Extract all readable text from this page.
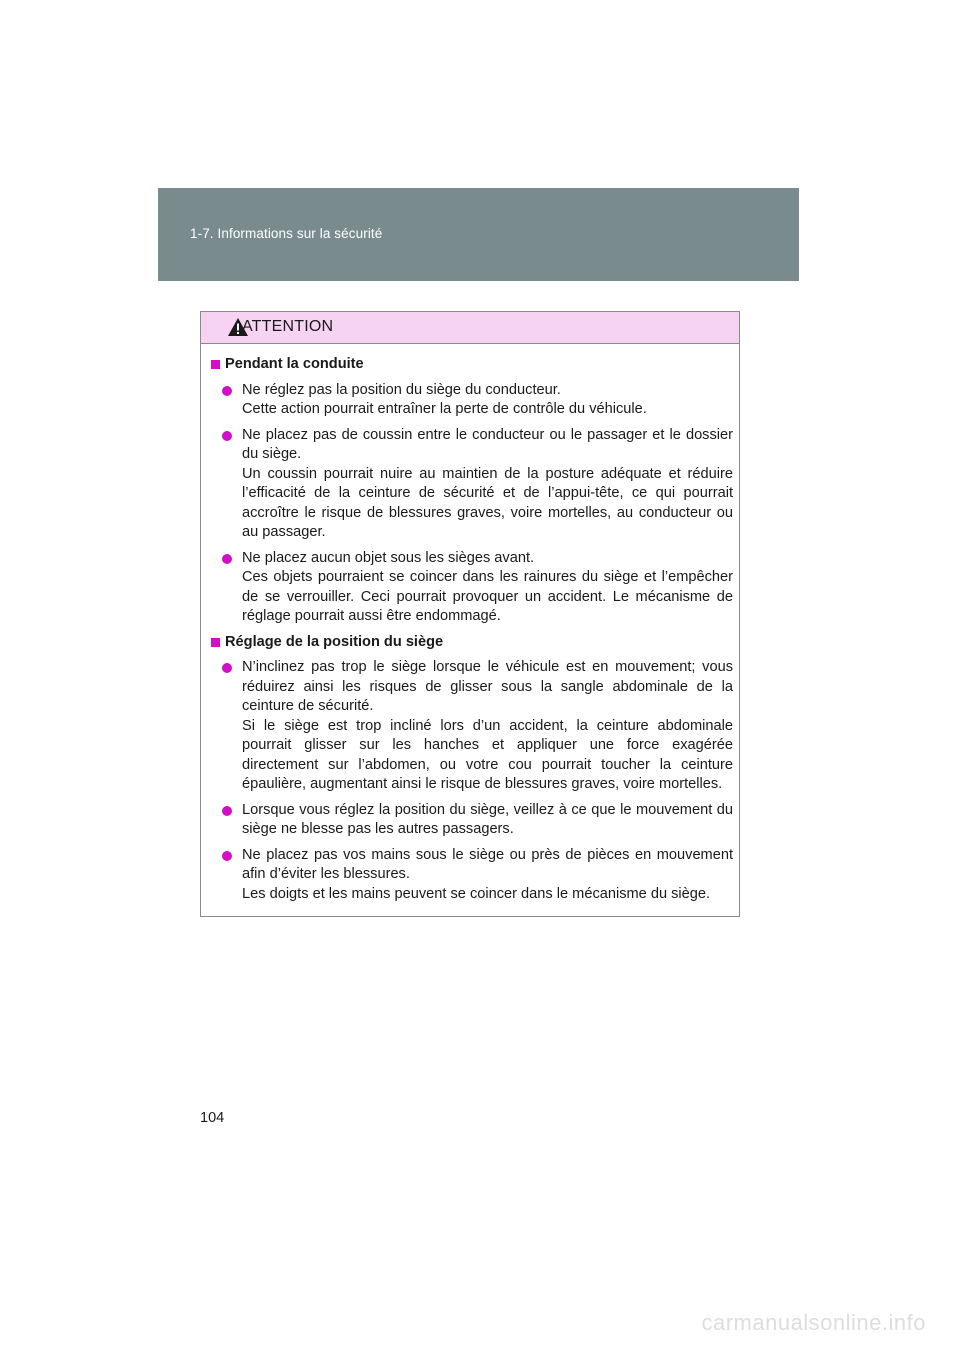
1-7. Informations sur la sécurité
ATTENTION
Pendant la conduite
Ne réglez pas la position du siège du conducteur.
Cette action pourrait entraîner la perte de contrôle du véhicule.
Ne placez pas de coussin entre le conducteur ou le passager et le dossier du siège.
Un coussin pourrait nuire au maintien de la posture adéquate et réduire l’efficacité de la ceinture de sécurité et de l’appui-tête, ce qui pourrait accroître le risque de blessures graves, voire mortelles, au conducteur ou au passager.
Ne placez aucun objet sous les sièges avant.
Ces objets pourraient se coincer dans les rainures du siège et l’empêcher de se verrouiller. Ceci pourrait provoquer un accident. Le mécanisme de réglage pourrait aussi être endommagé.
Réglage de la position du siège
N’inclinez pas trop le siège lorsque le véhicule est en mouvement; vous réduirez ainsi les risques de glisser sous la sangle abdominale de la ceinture de sécurité.
Si le siège est trop incliné lors d’un accident, la ceinture abdominale pourrait glisser sur les hanches et appliquer une force exagérée directement sur l’abdomen, ou votre cou pourrait toucher la ceinture épaulière, augmentant ainsi le risque de blessures graves, voire mortelles.
Lorsque vous réglez la position du siège, veillez à ce que le mouvement du siège ne blesse pas les autres passagers.
Ne placez pas vos mains sous le siège ou près de pièces en mouvement afin d’éviter les blessures.
Les doigts et les mains peuvent se coincer dans le mécanisme du siège.
104
carmanualsonline.info
